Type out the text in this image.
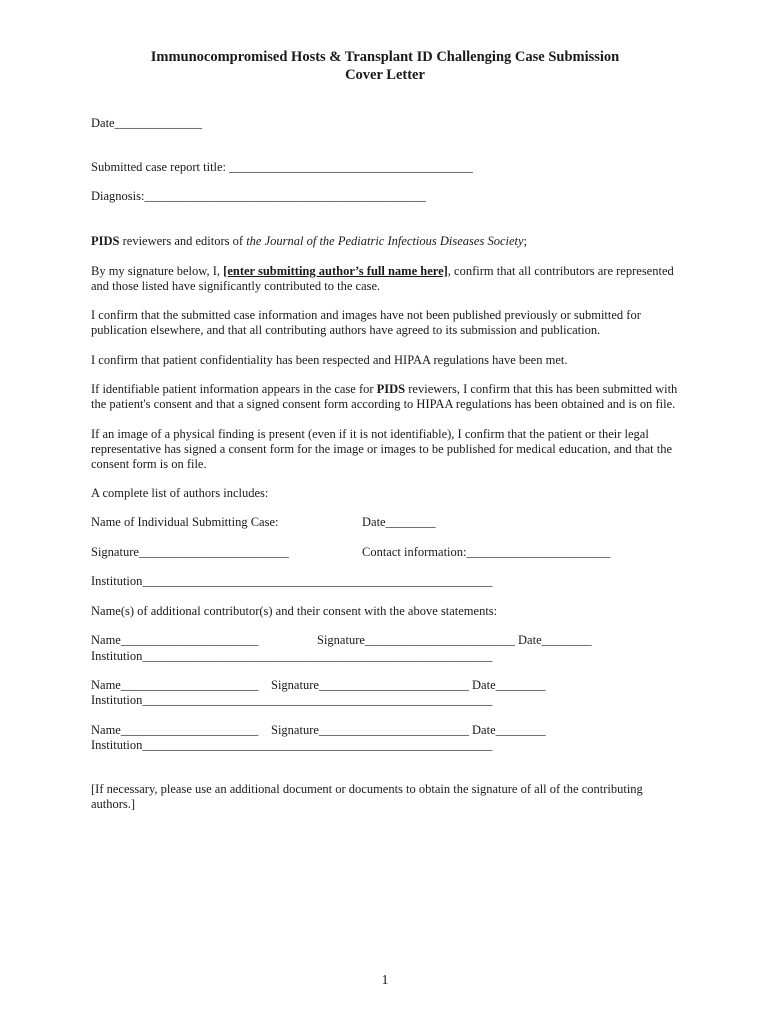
Immunocompromised Hosts & Transplant ID Challenging Case Submission
Cover Letter
Date______________
Submitted case report title: _______________________________________
Diagnosis:_____________________________________________
PIDS reviewers and editors of the Journal of the Pediatric Infectious Diseases Society;
By my signature below, I, [enter submitting author’s full name here], confirm that all contributors are represented and those listed have significantly contributed to the case.
I confirm that the submitted case information and images have not been published previously or submitted for publication elsewhere, and that all contributing authors have agreed to its submission and publication.
I confirm that patient confidentiality has been respected and HIPAA regulations have been met.
If identifiable patient information appears in the case for PIDS reviewers, I confirm that this has been submitted with the patient's consent and that a signed consent form according to HIPAA regulations has been obtained and is on file.
If an image of a physical finding is present (even if it is not identifiable), I confirm that the patient or their legal representative has signed a consent form for the image or images to be published for medical education, and that the consent form is on file.
A complete list of authors includes:
Name of Individual Submitting Case:	Date________
Signature________________________	Contact information:_______________________
Institution________________________________________________________
Name(s) of additional contributor(s) and their consent with the above statements:
Name______________________	Signature________________________ Date________
Institution________________________________________________________
Name______________________ Signature________________________ Date________
Institution________________________________________________________
Name______________________ Signature________________________ Date________
Institution________________________________________________________
[If necessary, please use an additional document or documents to obtain the signature of all of the contributing authors.]
1
